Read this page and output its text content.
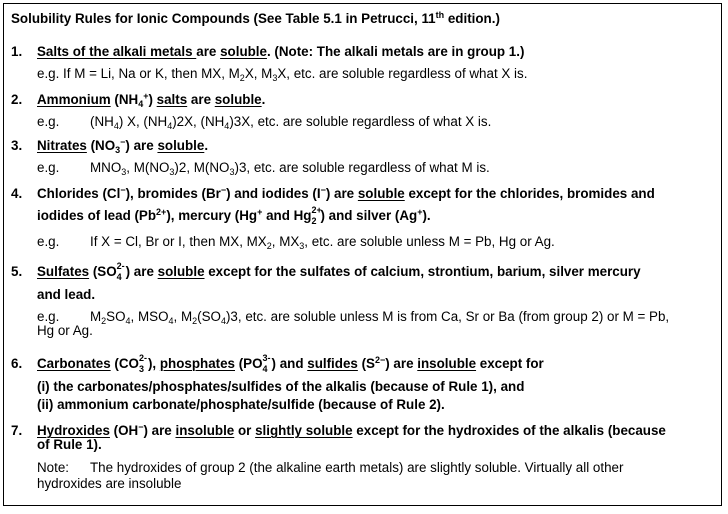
Solubility Rules for Ionic Compounds (See Table 5.1 in Petrucci, 11th edition.)
1. Salts of the alkali metals are soluble. (Note: The alkali metals are in group 1.)
e.g. If M = Li, Na or K, then MX, $M_2X$, $M_3X$, etc. are soluble regardless of what X is.
2. Ammonium $(NH_4^+)$ salts are soluble.
e.g. $(NH_4)$ X, $(NH_4)2X$, $(NH_4)3X$, etc. are soluble regardless of what X is.
3. Nitrates $(NO_3^-)$ are soluble.
e.g. $MNO_3$, $M(NO_3)2$, $M(NO_3)3$, etc. are soluble regardless of what M is.
4. Chlorides (Cl−), bromides (Br−) and iodides (I−) are soluble except for the chlorides, bromides and
iodides of lead $(Pb^{2+})$, mercury (Hg+ and Hg 2+
2 ) and silver (Ag+).
e.g. If X = Cl, Br or I, then MX, $MX_2$, $MX_3$, etc. are soluble unless M = Pb, Hg or Ag.
5. Sulfates (SO 2-
4 ) are soluble except for the sulfates of calcium, strontium, barium, silver mercury
and lead.
e.g. $M_2SO_4$, $MSO_4$, $M_2(SO_4)3$, etc. are soluble unless M is from Ca, Sr or Ba (from group 2) or M = Pb,
Hg or Ag.
6. Carbonates (CO 2-
3 ), phosphates (PO 3-
4 ) and sulfides $(S^{2-})$ are insoluble except for
(i) the carbonates/phosphates/sulfides of the alkalis (because of Rule 1), and
(ii) ammonium carbonate/phosphate/sulfide (because of Rule 2).
7. Hydroxides (OH−) are insoluble or slightly soluble except for the hydroxides of the alkalis (because
of Rule 1).
Note: The hydroxides of group 2 (the alkaline earth metals) are slightly soluble. Virtually all other
hydroxides are insoluble
